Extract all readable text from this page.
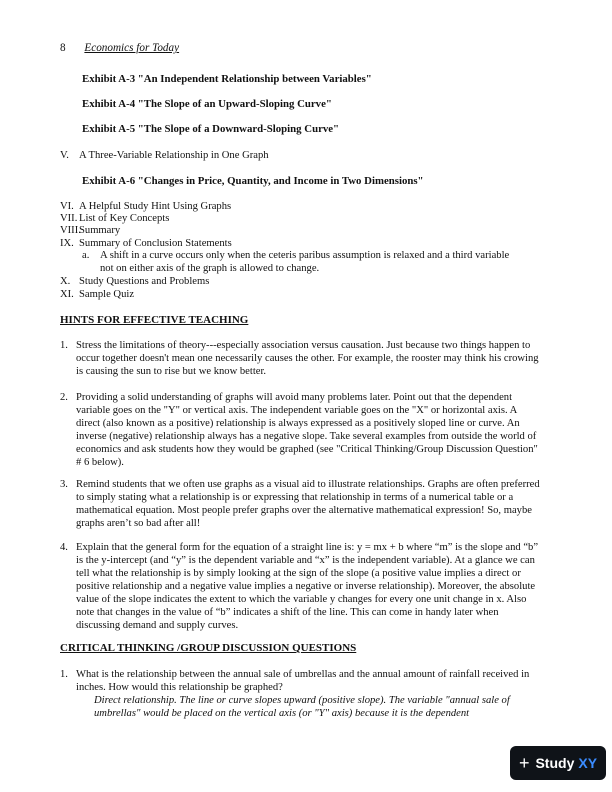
8 Economics for Today
Exhibit A-3 "An Independent Relationship between Variables"
Exhibit A-4 "The Slope of an Upward-Sloping Curve"
Exhibit A-5 "The Slope of a Downward-Sloping Curve"
V. A Three-Variable Relationship in One Graph
Exhibit A-6 "Changes in Price, Quantity, and Income in Two Dimensions"
VI. A Helpful Study Hint Using Graphs
VII. List of Key Concepts
VIII.Summary
IX. Summary of Conclusion Statements
a.	A shift in a curve occurs only when the ceteris paribus assumption is relaxed and a third variable not on either axis of the graph is allowed to change.
X. Study Questions and Problems
XI. Sample Quiz
HINTS FOR EFFECTIVE TEACHING
1. Stress the limitations of theory---especially association versus causation. Just because two things happen to occur together doesn't mean one necessarily causes the other. For example, the rooster may think his crowing is causing the sun to rise but we know better.
2. Providing a solid understanding of graphs will avoid many problems later. Point out that the dependent variable goes on the "Y" or vertical axis. The independent variable goes on the "X" or horizontal axis. A direct (also known as a positive) relationship is always expressed as a positively sloped line or curve. An inverse (negative) relationship always has a negative slope. Take several examples from outside the world of economics and ask students how they would be graphed (see "Critical Thinking/Group Discussion Question" # 6 below).
3. Remind students that we often use graphs as a visual aid to illustrate relationships. Graphs are often preferred to simply stating what a relationship is or expressing that relationship in terms of a numerical table or a mathematical equation. Most people prefer graphs over the alternative mathematical expression! So, maybe graphs aren’t so bad after all!
4. Explain that the general form for the equation of a straight line is: y = mx + b where “m” is the slope and “b” is the y-intercept (and “y” is the dependent variable and “x” is the independent variable). At a glance we can tell what the relationship is by simply looking at the sign of the slope (a positive value implies a direct or positive relationship and a negative value implies a negative or inverse relationship). Moreover, the absolute value of the slope indicates the extent to which the variable y changes for every one unit change in x. Also note that changes in the value of “b” indicates a shift of the line. This can come in handy later when discussing demand and supply curves.
CRITICAL THINKING /GROUP DISCUSSION QUESTIONS
1. What is the relationship between the annual sale of umbrellas and the annual amount of rainfall received in inches. How would this relationship be graphed?
Direct relationship. The line or curve slopes upward (positive slope). The variable "annual sale of umbrellas" would be placed on the vertical axis (or "Y" axis) because it is the dependent
+ Study XY
